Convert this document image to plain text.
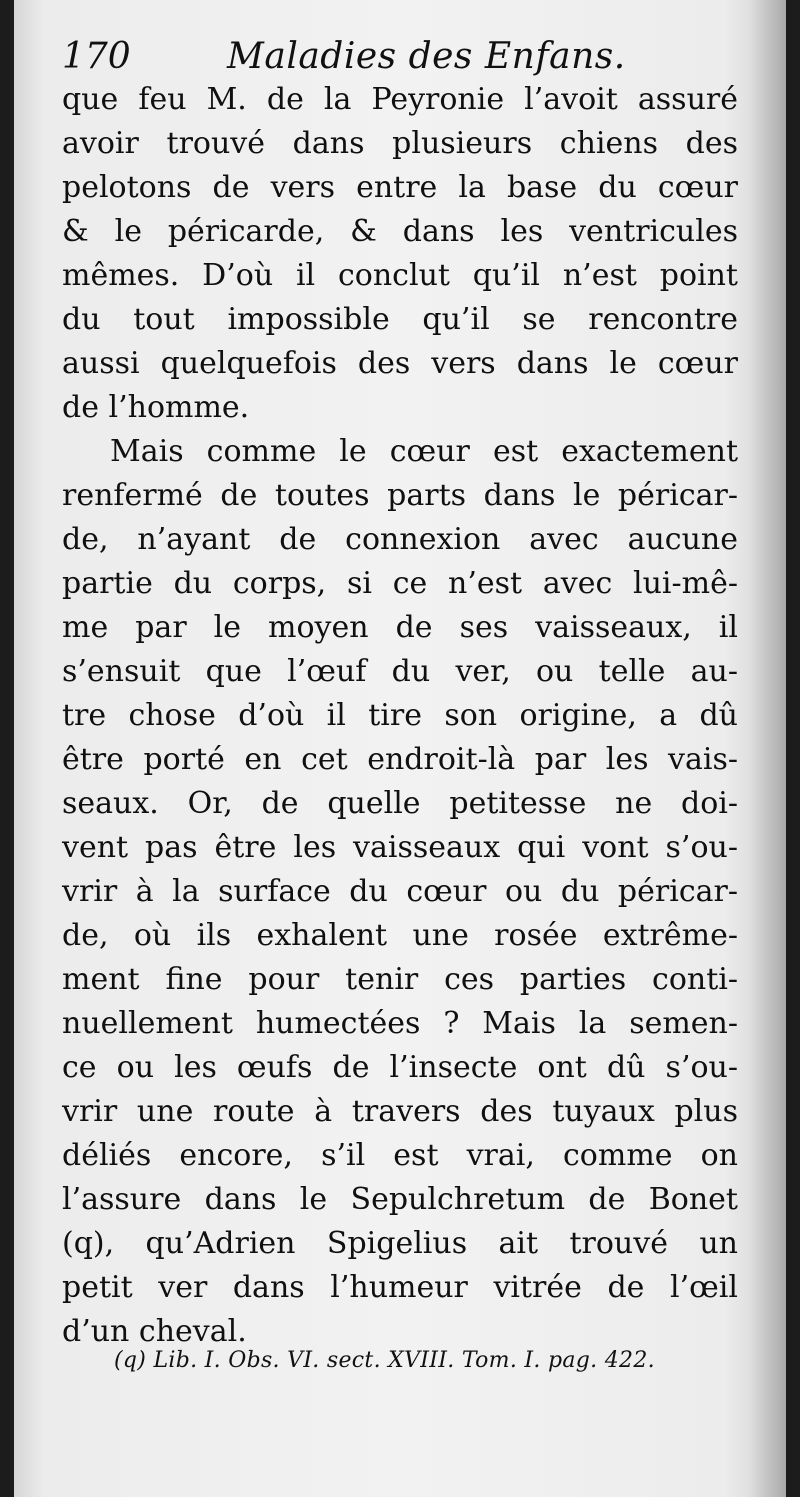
170	Maladies des Enfans.
que feu M. de la Peyronie l’avoit assuré
avoir trouvé dans plusieurs chiens des
pelotons de vers entre la base du cœur
& le péricarde, & dans les ventricules
mêmes. D’où il conclut qu’il n’est point
du tout impossible qu’il se rencontre
aussi quelquefois des vers dans le cœur
de l’homme.
Mais comme le cœur est exactement
renfermé de toutes parts dans le péricar-
de, n’ayant de connexion avec aucune
partie du corps, si ce n’est avec lui-mê-
me par le moyen de ses vaisseaux, il
s’ensuit que l’œuf du ver, ou telle au-
tre chose d’où il tire son origine, a dû
être porté en cet endroit-là par les vais-
seaux. Or, de quelle petitesse ne doi-
vent pas être les vaisseaux qui vont s’ou-
vrir à la surface du cœur ou du péricar-
de, où ils exhalent une rosée extrême-
ment fine pour tenir ces parties conti-
nuellement humectées ? Mais la semen-
ce ou les œufs de l’insecte ont dû s’ou-
vrir une route à travers des tuyaux plus
déliés encore, s’il est vrai, comme on
l’assure dans le Sepulchretum de Bonet
(q), qu’Adrien Spigelius ait trouvé un
petit ver dans l’humeur vitrée de l’œil
d’un cheval.
(q) Lib. I. Obs. VI. sect. XVIII. Tom. I. pag. 422.
